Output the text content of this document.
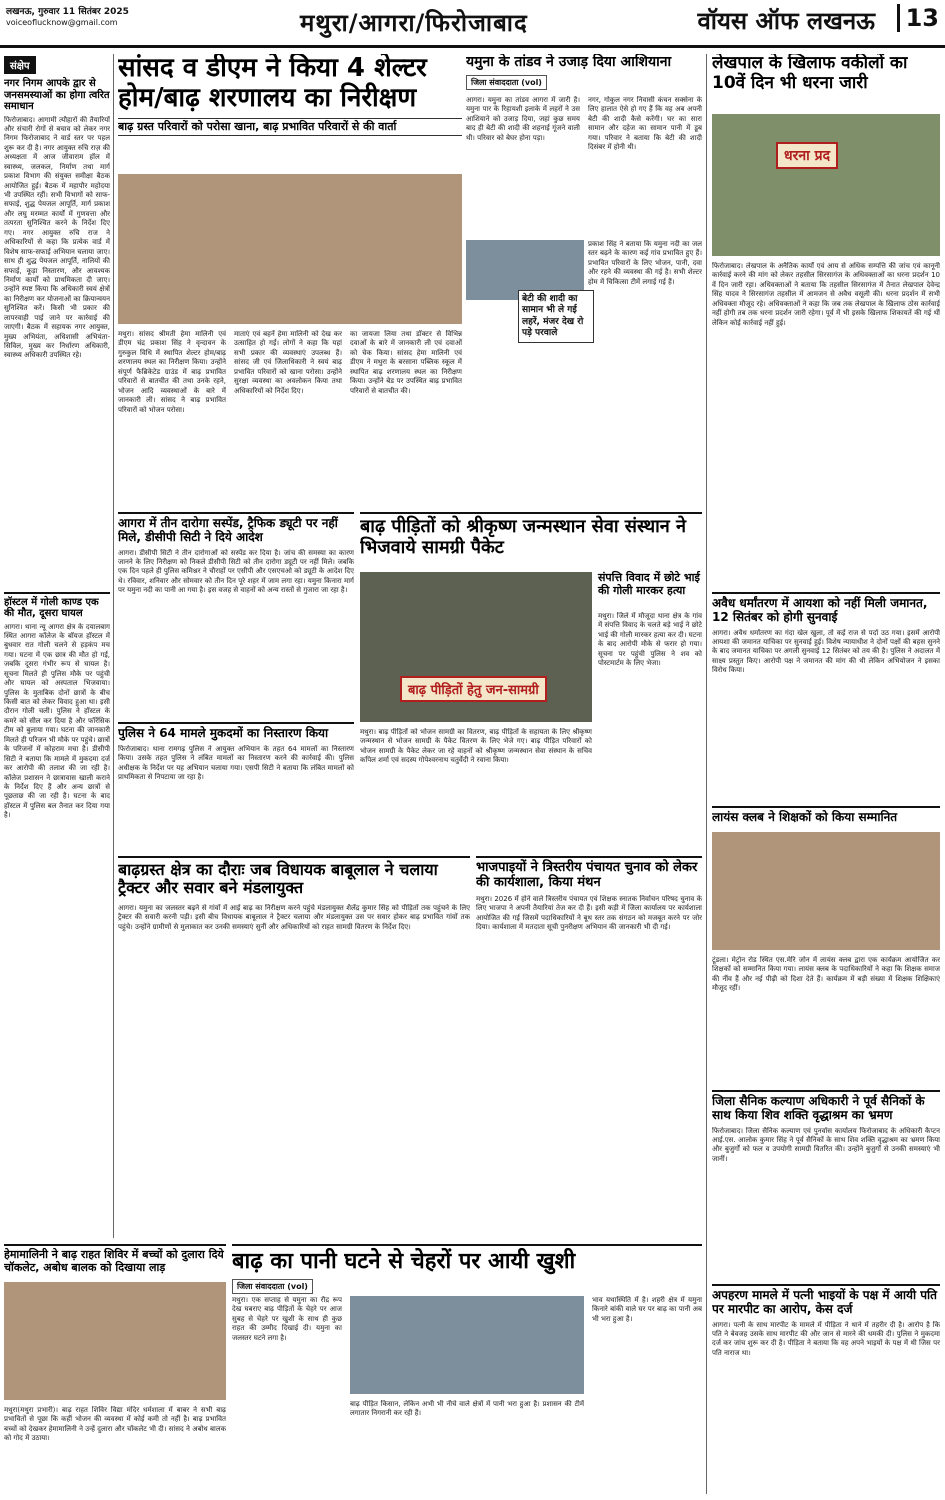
लखनऊ, गुरुवार 11 सितंबर 2025
voiceoflucknow@gmail.com	मथुरा/आगरा/फिरोजाबाद	वॉयस ऑफ लखनऊ	13
संक्षेप
नगर निगम आपके द्वार से जनसमस्याओं का होगा त्वरित समाधान
फिरोजाबाद। आगामी त्यौहारों की तैयारियों और संचारी रोगों से बचाव को लेकर नगर निगम फिरोजाबाद ने वार्ड स्तर पर पहल शुरू कर दी है। नगर आयुक्त रुचि राज़ की अध्यक्षता में आज जीवाराम हॉल में स्वास्थ्य, जलकल, निर्माण तथा मार्ग प्रकाश विभाग की संयुक्त समीक्षा बैठक आयोजित हुई। बैठक में महापौर महोदया भी उपस्थित रहीं। सभी विभागों को साफ-सफाई, शुद्ध पेयजल आपूर्ति, मार्ग प्रकाश और लघु मरम्मत कार्यों में गुणवत्ता और तत्परता सुनिश्चित करने के निर्देश दिए गए। नगर आयुक्त रुचि राज ने अधिकारियों से कहा कि प्रत्येक वार्ड में विशेष साफ-सफाई अभियान चलाया जाए। साथ ही शुद्ध पेयजल आपूर्ति, नालियों की सफाई, कूड़ा निस्तारण, और आवश्यक निर्माण कार्यों को प्राथमिकता दी जाए। उन्होंने स्पष्ट किया कि अधिकारी स्वयं क्षेत्रों का निरीक्षण कर योजनाओं का क्रियान्वयन सुनिश्चित करें। किसी भी प्रकार की लापरवाही पाई जाने पर कार्रवाई की जाएगी। बैठक में सहायक नगर आयुक्त, मुख्य अभियंता, अधिशासी अभियंता-सिविल, मुख्य कर निर्धारण अधिकारी, स्वास्थ्य अधिकारी उपस्थित रहे।
हॉस्टल में गोली काण्ड एक की मौत, दूसरा घायल
आगरा। थाना न्यू आगरा क्षेत्र के दयालबाग स्थित आगरा कॉलेज के बॉयज हॉस्टल में बुधवार रात गोली चलने से हड़कंप मच गया। घटना में एक छात्र की मौत हो गई, जबकि दूसरा गंभीर रूप से घायल है। सूचना मिलते ही पुलिस मौके पर पहुंची और घायल को अस्पताल भिजवाया। पुलिस के मुताबिक दोनों छात्रों के बीच किसी बात को लेकर विवाद हुआ था। इसी दौरान गोली चली। पुलिस ने हॉस्टल के कमरे को सील कर दिया है और फॉरेंसिक टीम को बुलाया गया। घटना की जानकारी मिलते ही परिजन भी मौके पर पहुंचे। छात्रों के परिजनों में कोहराम मचा है। डीसीपी सिटी ने बताया कि मामले में मुकदमा दर्ज कर आरोपी की तलाश की जा रही है। कॉलेज प्रशासन ने छात्रावास खाली कराने के निर्देश दिए हैं और अन्य छात्रों से पूछताछ की जा रही है। घटना के बाद हॉस्टल में पुलिस बल तैनात कर दिया गया है।
सांसद व डीएम ने किया 4 शेल्टर होम/बाढ़ शरणालय का निरीक्षण
बाढ़ ग्रस्त परिवारों को परोसा खाना, बाढ़ प्रभावित परिवारों से की वार्ता
मथुरा। सांसद श्रीमती हेमा मालिनी एवं डीएम चंद्र प्रकाश सिंह ने वृन्दावन के गुरुकुल विधि में स्थापित शेल्टर होम/बाढ़ शरणालय स्थल का निरीक्षण किया। उन्होंने संपूर्ण फैब्रिकेटेड ग्राउंड में बाढ़ प्रभावित परिवारों से बातचीत की तथा उनके रहने, भोजन आदि व्यवस्थाओं के बारे में जानकारी ली। सांसद ने बाढ़ प्रभावित परिवारों को भोजन परोसा।
माताएं एवं बहनें हेमा मालिनी को देख कर उत्साहित हो गईं। लोगों ने कहा कि यहां सभी प्रकार की व्यवस्थाएं उपलब्ध हैं। सांसद जी एवं जिलाधिकारी ने स्वयं बाढ़ प्रभावित परिवारों को खाना परोसा। उन्होंने सुरक्षा व्यवस्था का अवलोकन किया तथा अधिकारियों को निर्देश दिए।
का जायजा लिया तथा डॉक्टर से विभिन्न दवाओं के बारे में जानकारी ली एवं दवाओं को चेक किया। सांसद हेमा मालिनी एवं डीएम ने मथुरा के बरसाना पब्लिक स्कूल में स्थापित बाढ़ शरणालय स्थल का निरीक्षण किया। उन्होंने बेड पर उपस्थित बाढ़ प्रभावित परिवारों से बातचीत की।
यमुना के तांडव ने उजाड़ दिया आशियाना
जिला संवाददाता (vol)
आगरा। यमुना का तांडव आगरा में जारी है। यमुना पार के रिहायशी इलाके में लहरों ने उस आशियाने को उजाड़ दिया, जहां कुछ समय बाद ही बेटी की शादी की शहनाई गूंजने वाली थी। परिवार को बेघर होना पड़ा।
नगर, गोकुल नगर निवासी कंचन सक्सेना के लिए हालात ऐसे हो गए हैं कि वह अब अपनी बेटी की शादी कैसे करेंगी। घर का सारा सामान और दहेज का सामान पानी में डूब गया। परिवार ने बताया कि बेटी की शादी दिसंबर में होनी थी।
बेटी की शादी का सामान भी ले गई लहरें, मंजर देख रो पड़े परवाले
प्रकाश सिंह ने बताया कि यमुना नदी का जल स्तर बढ़ने के कारण कई गांव प्रभावित हुए हैं। प्रभावित परिवारों के लिए भोजन, पानी, दवा और रहने की व्यवस्था की गई है। सभी शेल्टर होम में चिकित्सा टीमें लगाई गई हैं।
लेखपाल के खिलाफ वकीलों का 10वें दिन भी धरना जारी
धरना प्रद
फिरोजाबाद। लेखपाल के अनैतिक कार्यों एवं आय से अधिक सम्पत्ति की जांच एवं कानूनी कार्रवाई करने की मांग को लेकर तहसील सिरसागंज के अधिवक्ताओं का धरना प्रदर्शन 10 वें दिन जारी रहा। अधिवक्ताओं ने बताया कि तहसील सिरसागंज में तैनात लेखपाल देवेन्द्र सिंह यादव ने सिरसागंज तहसील में आमजन से अवैध वसूली की। धरना प्रदर्शन में सभी अधिवक्ता मौजूद रहे। अधिवक्ताओं ने कहा कि जब तक लेखपाल के खिलाफ ठोस कार्रवाई नहीं होगी तब तक धरना प्रदर्शन जारी रहेगा। पूर्व में भी इसके खिलाफ शिकायतें की गई थीं लेकिन कोई कार्रवाई नहीं हुई।
अवैध धर्मांतरण में आयशा को नहीं मिली जमानत, 12 सितंबर को होगी सुनवाई
आगरा। अवैध धर्मांतरण का गंदा खेल खुला, तो कई राज से पर्दा उठ गया। इसमें आरोपी आयशा की जमानत याचिका पर सुनवाई हुई। विशेष न्यायाधीश ने दोनों पक्षों की बहस सुनने के बाद जमानत याचिका पर अगली सुनवाई 12 सितंबर को तय की है। पुलिस ने अदालत में साक्ष्य प्रस्तुत किए। आरोपी पक्ष ने जमानत की मांग की थी लेकिन अभियोजन ने इसका विरोध किया।
लायंस क्लब ने शिक्षकों को किया सम्मानित
टूंडला। मेट्रोन रोड स्थित एस.मेरि जोन में लायंस क्लब द्वारा एक कार्यक्रम आयोजित कर शिक्षकों को सम्मानित किया गया। लायंस क्लब के पदाधिकारियों ने कहा कि शिक्षक समाज की नींव हैं और नई पीढ़ी को दिशा देते हैं। कार्यक्रम में बड़ी संख्या में शिक्षक शिक्षिकाएं मौजूद रहीं।
जिला सैनिक कल्याण अधिकारी ने पूर्व सैनिकों के साथ किया शिव शक्ति वृद्धाश्रम का भ्रमण
फिरोजाबाद। जिला सैनिक कल्याण एवं पुनर्वास कार्यालय फिरोजाबाद के अधिकारी कैप्टन आई.एस. आलोक कुमार सिंह ने पूर्व सैनिकों के साथ शिव शक्ति वृद्धाश्रम का भ्रमण किया और बुजुर्गों को फल व उपयोगी सामग्री वितरित की। उन्होंने बुजुर्गों से उनकी समस्याएं भी जानीं।
अपहरण मामले में पत्नी भाइयों के पक्ष में आयी पति पर मारपीट का आरोप, केस दर्ज
आगरा। पत्नी के साथ मारपीट के मामले में पीड़िता ने थाने में तहरीर दी है। आरोप है कि पति ने बेवजह उसके साथ मारपीट की और जान से मारने की धमकी दी। पुलिस ने मुकदमा दर्ज कर जांच शुरू कर दी है। पीड़िता ने बताया कि वह अपने भाइयों के पक्ष में थी जिस पर पति नाराज था।
आगरा में तीन दारोगा सस्पेंड, ट्रैफिक ड्यूटी पर नहीं मिले, डीसीपी सिटी ने दिये आदेश
आगरा। डीसीपी सिटी ने तीन दारोगाओं को सस्पेंड कर दिया है। जांच की समस्या का कारण जानने के लिए निरीक्षण को निकले डीसीपी सिटी को तीन दारोगा ड्यूटी पर नहीं मिले। जबकि एक दिन पहले ही पुलिस कमिश्नर ने चौराहों पर एसीपी और एसएचओ को ड्यूटी के आदेश दिए थे। रविवार, शनिवार और सोमवार को तीन दिन पूरे शहर में जाम लगा रहा। यमुना किनारा मार्ग पर यमुना नदी का पानी आ गया है। इस वजह से वाहनों को अन्य रास्तों से गुजारा जा रहा है।
पुलिस ने 64 मामले मुकदमों का निस्तारण किया
फिरोजाबाद। थाना रामगढ़ पुलिस ने आयुक्त अभियान के तहत 64 मामलों का निस्तारण किया। उसके तहत पुलिस ने लंबित मामलों का निस्तारण करने की कार्रवाई की। पुलिस अधीक्षक के निर्देश पर यह अभियान चलाया गया। एसपी सिटी ने बताया कि लंबित मामलों को प्राथमिकता से निपटाया जा रहा है।
बाढ़ पीड़ितों को श्रीकृष्ण जन्मस्थान सेवा संस्थान ने भिजवाये सामग्री पैकेट
बाढ़ पीड़ितों हेतु जन-सामग्री
मथुरा। बाढ़ पीड़ितों को भोजन सामग्री का वितरण, बाढ़ पीड़ितों के सहायता के लिए श्रीकृष्ण जन्मस्थान से भोजन सामग्री के पैकेट वितरण के लिए भेजे गए। बाढ़ पीड़ित परिवारों को भोजन सामग्री के पैकेट लेकर जा रहे वाहनों को श्रीकृष्ण जन्मस्थान सेवा संस्थान के सचिव कपिल शर्मा एवं सदस्य गोपेश्वरनाथ चतुर्वेदी ने रवाना किया।
संपत्ति विवाद में छोटे भाई की गोली मारकर हत्या
मथुरा। जिले में मौजूदा थाना क्षेत्र के गांव में संपत्ति विवाद के चलते बड़े भाई ने छोटे भाई की गोली मारकर हत्या कर दी। घटना के बाद आरोपी मौके से फरार हो गया। सूचना पर पहुंची पुलिस ने शव को पोस्टमार्टम के लिए भेजा।
भाजपाइयों ने त्रिस्तरीय पंचायत चुनाव को लेकर की कार्यशाला, किया मंथन
मथुरा। 2026 में होने वाले त्रिस्तरीय पंचायत एवं शिक्षक स्नातक निर्वाचन परिषद चुनाव के लिए भाजपा ने अपनी तैयारियां तेज कर दी हैं। इसी कड़ी में जिला कार्यालय पर कार्यशाला आयोजित की गई जिसमें पदाधिकारियों ने बूथ स्तर तक संगठन को मजबूत करने पर जोर दिया। कार्यशाला में मतदाता सूची पुनरीक्षण अभियान की जानकारी भी दी गई।
बाढ़ग्रस्त क्षेत्र का दौराः जब विधायक बाबूलाल ने चलाया ट्रैक्टर और सवार बने मंडलायुक्त
आगरा। यमुना का जलस्तर बढ़ने से गांवों में आई बाढ़ का निरीक्षण करने पहुंचे मंडलायुक्त शैलेंद्र कुमार सिंह को पीड़ितों तक पहुंचने के लिए ट्रैक्टर की सवारी करनी पड़ी। इसी बीच विधायक बाबूलाल ने ट्रैक्टर चलाया और मंडलायुक्त उस पर सवार होकर बाढ़ प्रभावित गांवों तक पहुंचे। उन्होंने ग्रामीणों से मुलाकात कर उनकी समस्याएं सुनीं और अधिकारियों को राहत सामग्री वितरण के निर्देश दिए।
हेमामालिनी ने बाढ़ राहत शिविर में बच्चों को दुलारा दिये चॉकलेट, अबोध बालक को दिखाया लाड़
मथुरा(मथुरा प्रभारी)। बाढ़ राहत शिविर विद्या मंदिर धर्मशाला में बाबर ने सभी बाढ़ प्रभावितों से पूछा कि कहीं भोजन की व्यवस्था में कोई कमी तो नहीं है। बाढ़ प्रभावित बच्चों को देखकर हेमामालिनी ने उन्हें दुलारा और चॉकलेट भी दी। सांसद ने अबोध बालक को गोद में उठाया।
बाढ़ का पानी घटने से चेहरों पर आयी खुशी
जिला संवाददाता (vol)
मथुरा। एक सप्ताह से यमुना का रौद्र रूप देख घबराए बाढ़ पीड़ितों के चेहरे पर आज सुबह से चेहरे पर खुशी के साथ ही कुछ राहत की उम्मीद दिखाई दी। यमुना का जलस्तर घटने लगा है।
बाढ़ पीड़ित किसान, लेकिन अभी भी नीचे वाले क्षेत्रों में पानी भरा हुआ है। प्रशासन की टीमें लगातार निगरानी कर रही हैं।
भाव यथास्थिति में है। शहरी क्षेत्र में यमुना किनारे बांकी वाले घर पर बाढ़ का पानी अब भी भरा हुआ है।
